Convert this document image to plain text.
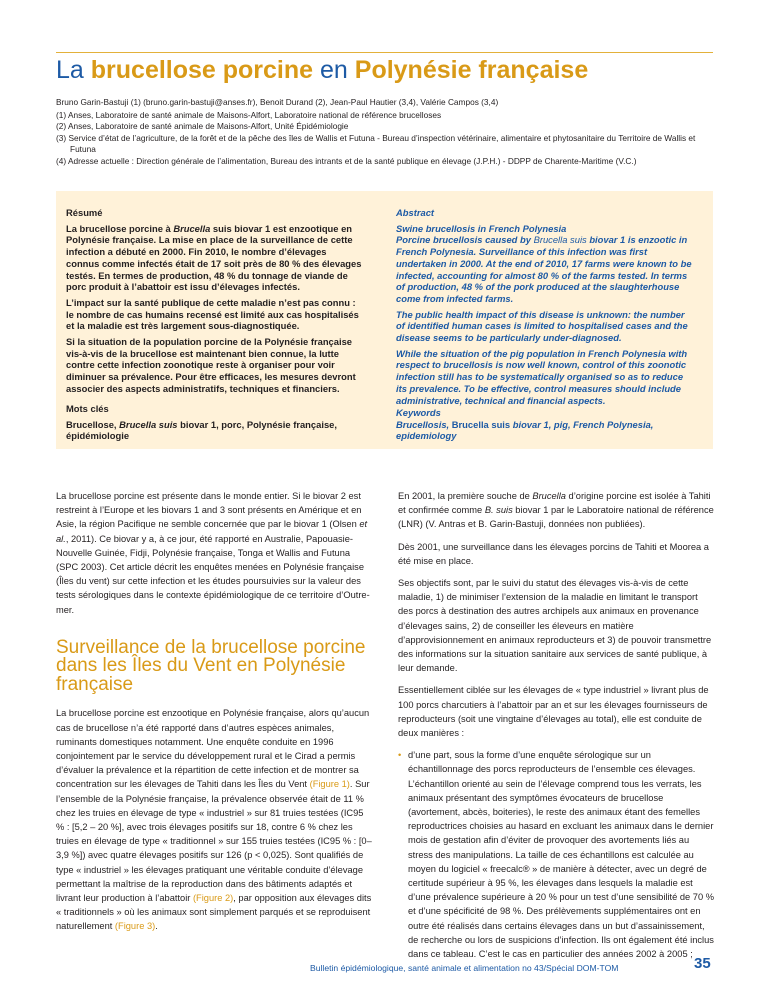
La brucellose porcine en Polynésie française
Bruno Garin-Bastuji (1) (bruno.garin-bastuji@anses.fr), Benoit Durand (2), Jean-Paul Hautier (3,4), Valérie Campos (3,4)
(1) Anses, Laboratoire de santé animale de Maisons-Alfort, Laboratoire national de référence brucelloses
(2) Anses, Laboratoire de santé animale de Maisons-Alfort, Unité Épidémiologie
(3) Service d’état de l’agriculture, de la forêt et de la pêche des îles de Wallis et Futuna - Bureau d’inspection vétérinaire, alimentaire et phytosanitaire du Territoire de Wallis et Futuna
(4) Adresse actuelle : Direction générale de l’alimentation, Bureau des intrants et de la santé publique en élevage (J.P.H.) - DDPP de Charente-Maritime (V.C.)

Résumé

La brucellose porcine à Brucella suis biovar 1 est enzootique en Polynésie française. La mise en place de la surveillance de cette infection a débuté en 2000. Fin 2010, le nombre d’élevages connus comme infectés était de 17 soit près de 80 % des élevages testés. En termes de production, 48 % du tonnage de viande de porc produit à l’abattoir est issu d’élevages infectés.

L’impact sur la santé publique de cette maladie n’est pas connu : le nombre de cas humains recensé est limité aux cas hospitalisés et la maladie est très largement sous-diagnostiquée.

Si la situation de la population porcine de la Polynésie française vis-à-vis de la brucellose est maintenant bien connue, la lutte contre cette infection zoonotique reste à organiser pour voir diminuer sa prévalence. Pour être efficaces, les mesures devront associer des aspects administratifs, techniques et financiers.

Mots clés

Brucellose, Brucella suis biovar 1, porc, Polynésie française, épidémiologie

Abstract

Swine brucellosis in French Polynesia

Porcine brucellosis caused by Brucella suis biovar 1 is enzootic in French Polynesia. Surveillance of this infection was first undertaken in 2000. At the end of 2010, 17 farms were known to be infected, accounting for almost 80 % of the farms tested. In terms of production, 48 % of the pork produced at the slaughterhouse come from infected farms.

The public health impact of this disease is unknown: the number of identified human cases is limited to hospitalised cases and the disease seems to be particularly under-diagnosed.

While the situation of the pig population in French Polynesia with respect to brucellosis is now well known, control of this zoonotic infection still has to be systematically organised so as to reduce its prevalence. To be effective, control measures should include administrative, technical and financial aspects.

Keywords

Brucellosis, Brucella suis biovar 1, pig, French Polynesia, epidemiology

La brucellose porcine est présente dans le monde entier. Si le biovar 2 est restreint à l’Europe et les biovars 1 and 3 sont présents en Amérique et en Asie, la région Pacifique ne semble concernée que par le biovar 1 (Olsen et al., 2011). Ce biovar y a, à ce jour, été rapporté en Australie, Papouasie-Nouvelle Guinée, Fidji, Polynésie française, Tonga et Wallis and Futuna (SPC 2003). Cet article décrit les enquêtes menées en Polynésie française (Îles du vent) sur cette infection et les études poursuivies sur la valeur des tests sérologiques dans le contexte épidémiologique de ce territoire d’Outre-mer.

Surveillance de la brucellose porcine dans les Îles du Vent en Polynésie française

La brucellose porcine est enzootique en Polynésie française, alors qu’aucun cas de brucellose n’a été rapporté dans d’autres espèces animales, ruminants domestiques notamment. Une enquête conduite en 1996 conjointement par le service du développement rural et le Cirad a permis d’évaluer la prévalence et la répartition de cette infection et de montrer sa concentration sur les élevages de Tahiti dans les Îles du Vent (Figure 1). Sur l’ensemble de la Polynésie française, la prévalence observée était de 11 % chez les truies en élevage de type « industriel » sur 81 truies testées (IC95 % : [5,2 – 20 %], avec trois élevages positifs sur 18, contre 6 % chez les truies en élevage de type « traditionnel » sur 155 truies testées (IC95 % : [0–3,9 %]) avec quatre élevages positifs sur 126 (p < 0,025). Sont qualifiés de type « industriel » les élevages pratiquant une véritable conduite d’élevage permettant la maîtrise de la reproduction dans des bâtiments adaptés et livrant leur production à l’abattoir (Figure 2), par opposition aux élevages dits « traditionnels » où les animaux sont simplement parqués et se reproduisent naturellement (Figure 3).

En 2001, la première souche de Brucella d’origine porcine est isolée à Tahiti et confirmée comme B. suis biovar 1 par le Laboratoire national de référence (LNR) (V. Antras et B. Garin-Bastuji, données non publiées).

Dès 2001, une surveillance dans les élevages porcins de Tahiti et Moorea a été mise en place.

Ses objectifs sont, par le suivi du statut des élevages vis-à-vis de cette maladie, 1) de minimiser l’extension de la maladie en limitant le transport des porcs à destination des autres archipels aux animaux en provenance d’élevages sains, 2) de conseiller les éleveurs en matière d’approvisionnement en animaux reproducteurs et 3) de pouvoir transmettre des informations sur la situation sanitaire aux services de santé publique, à leur demande.

Essentiellement ciblée sur les élevages de « type industriel » livrant plus de 100 porcs charcutiers à l’abattoir par an et sur les élevages fournisseurs de reproducteurs (soit une vingtaine d’élevages au total), elle est conduite de deux manières :

• d’une part, sous la forme d’une enquête sérologique sur un échantillonnage des porcs reproducteurs de l’ensemble ces élevages. L’échantillon orienté au sein de l’élevage comprend tous les verrats, les animaux présentant des symptômes évocateurs de brucellose (avortement, abcès, boiteries), le reste des animaux étant des femelles reproductrices choisies au hasard en excluant les animaux dans le dernier mois de gestation afin d’éviter de provoquer des avortements liés au stress des manipulations. La taille de ces échantillons est calculée au moyen du logiciel « freecalc® » de manière à détecter, avec un degré de certitude supérieur à 95 %, les élevages dans lesquels la maladie est d’une prévalence supérieure à 20 % pour un test d’une sensibilité de 70 % et d’une spécificité de 98 %. Des prélèvements supplémentaires ont en outre été réalisés dans certains élevages dans un but d’assainissement, de recherche ou lors de suspicions d’infection. Ils ont également été inclus dans ce tableau. C’est le cas en particulier des années 2002 à 2005 ;
Bulletin épidémiologique, santé animale et alimentation no 43/Spécial DOM-TOM	35
